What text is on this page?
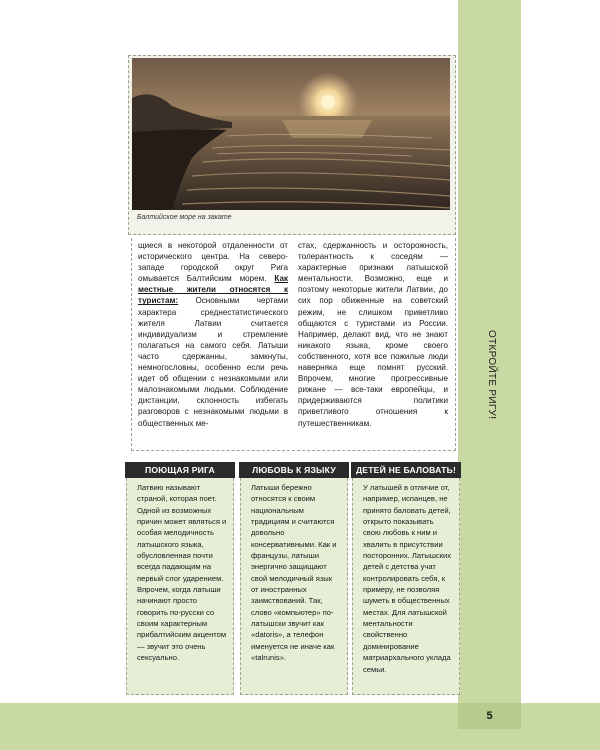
5
ОТКРОЙТЕ РИГУ!
Балтийское море на закате
щиеся в некоторой отдаленности от исторического центра. На северо-западе городской округ Рига омывается Балтийским морем. Как местные жители относятся к туристам: Основными чертами характера среднестатистического жителя Латвии считается индивидуализм и стремление полагаться на самого себя. Латыши часто сдержанны, замкнуты, немногословны, особенно если речь идет об общении с незнакомыми или малознакомыми людьми. Соблюдение дистанции, склонность избегать разговоров с незнакомыми людьми в общественных ме-
стах, сдержанность и осторожность, толерантность к соседям — характерные признаки латышской ментальности. Возможно, еще и поэтому некоторые жители Латвии, до сих пор обиженные на советский режим, не слишком приветливо общаются с туристами из России. Например, делают вид, что не знают никакого языка, кроме своего собственного, хотя все пожилые люди наверняка еще помнят русский. Впрочем, многие прогрессивные рижане — все-таки европейцы, и придерживаются политики приветливого отношения к путешественникам.
ПОЮЩАЯ РИГА
Латвию называют страной, которая поет. Одной из возможных причин может являться и особая мелодичность латышского языка, обусловленная почти всегда падающим на первый слог ударением. Впрочем, когда латыши начинают просто говорить по-русски со своим характерным прибалтийским акцентом — звучит это очень сексуально.
ЛЮБОВЬ К ЯЗЫКУ
Латыши бережно относятся к своим национальным традициям и считаются довольно консервативными. Как и французы, латыши энергично защищают свой мелодичный язык от иностранных заимствований. Так, слово «компьютер» по-латышски звучит как «datoris», а телефон именуется не иначе как «talrunis».
ДЕТЕЙ НЕ БАЛОВАТЬ!
У латышей в отличие от, например, испанцев, не принято баловать детей, открыто показывать свою любовь к ним и хвалить в присутствии посторонних. Латышских детей с детства учат контролировать себя, к примеру, не позволяя шуметь в общественных местах. Для латышской ментальности свойственно доминирование матриархального уклада семьи.
